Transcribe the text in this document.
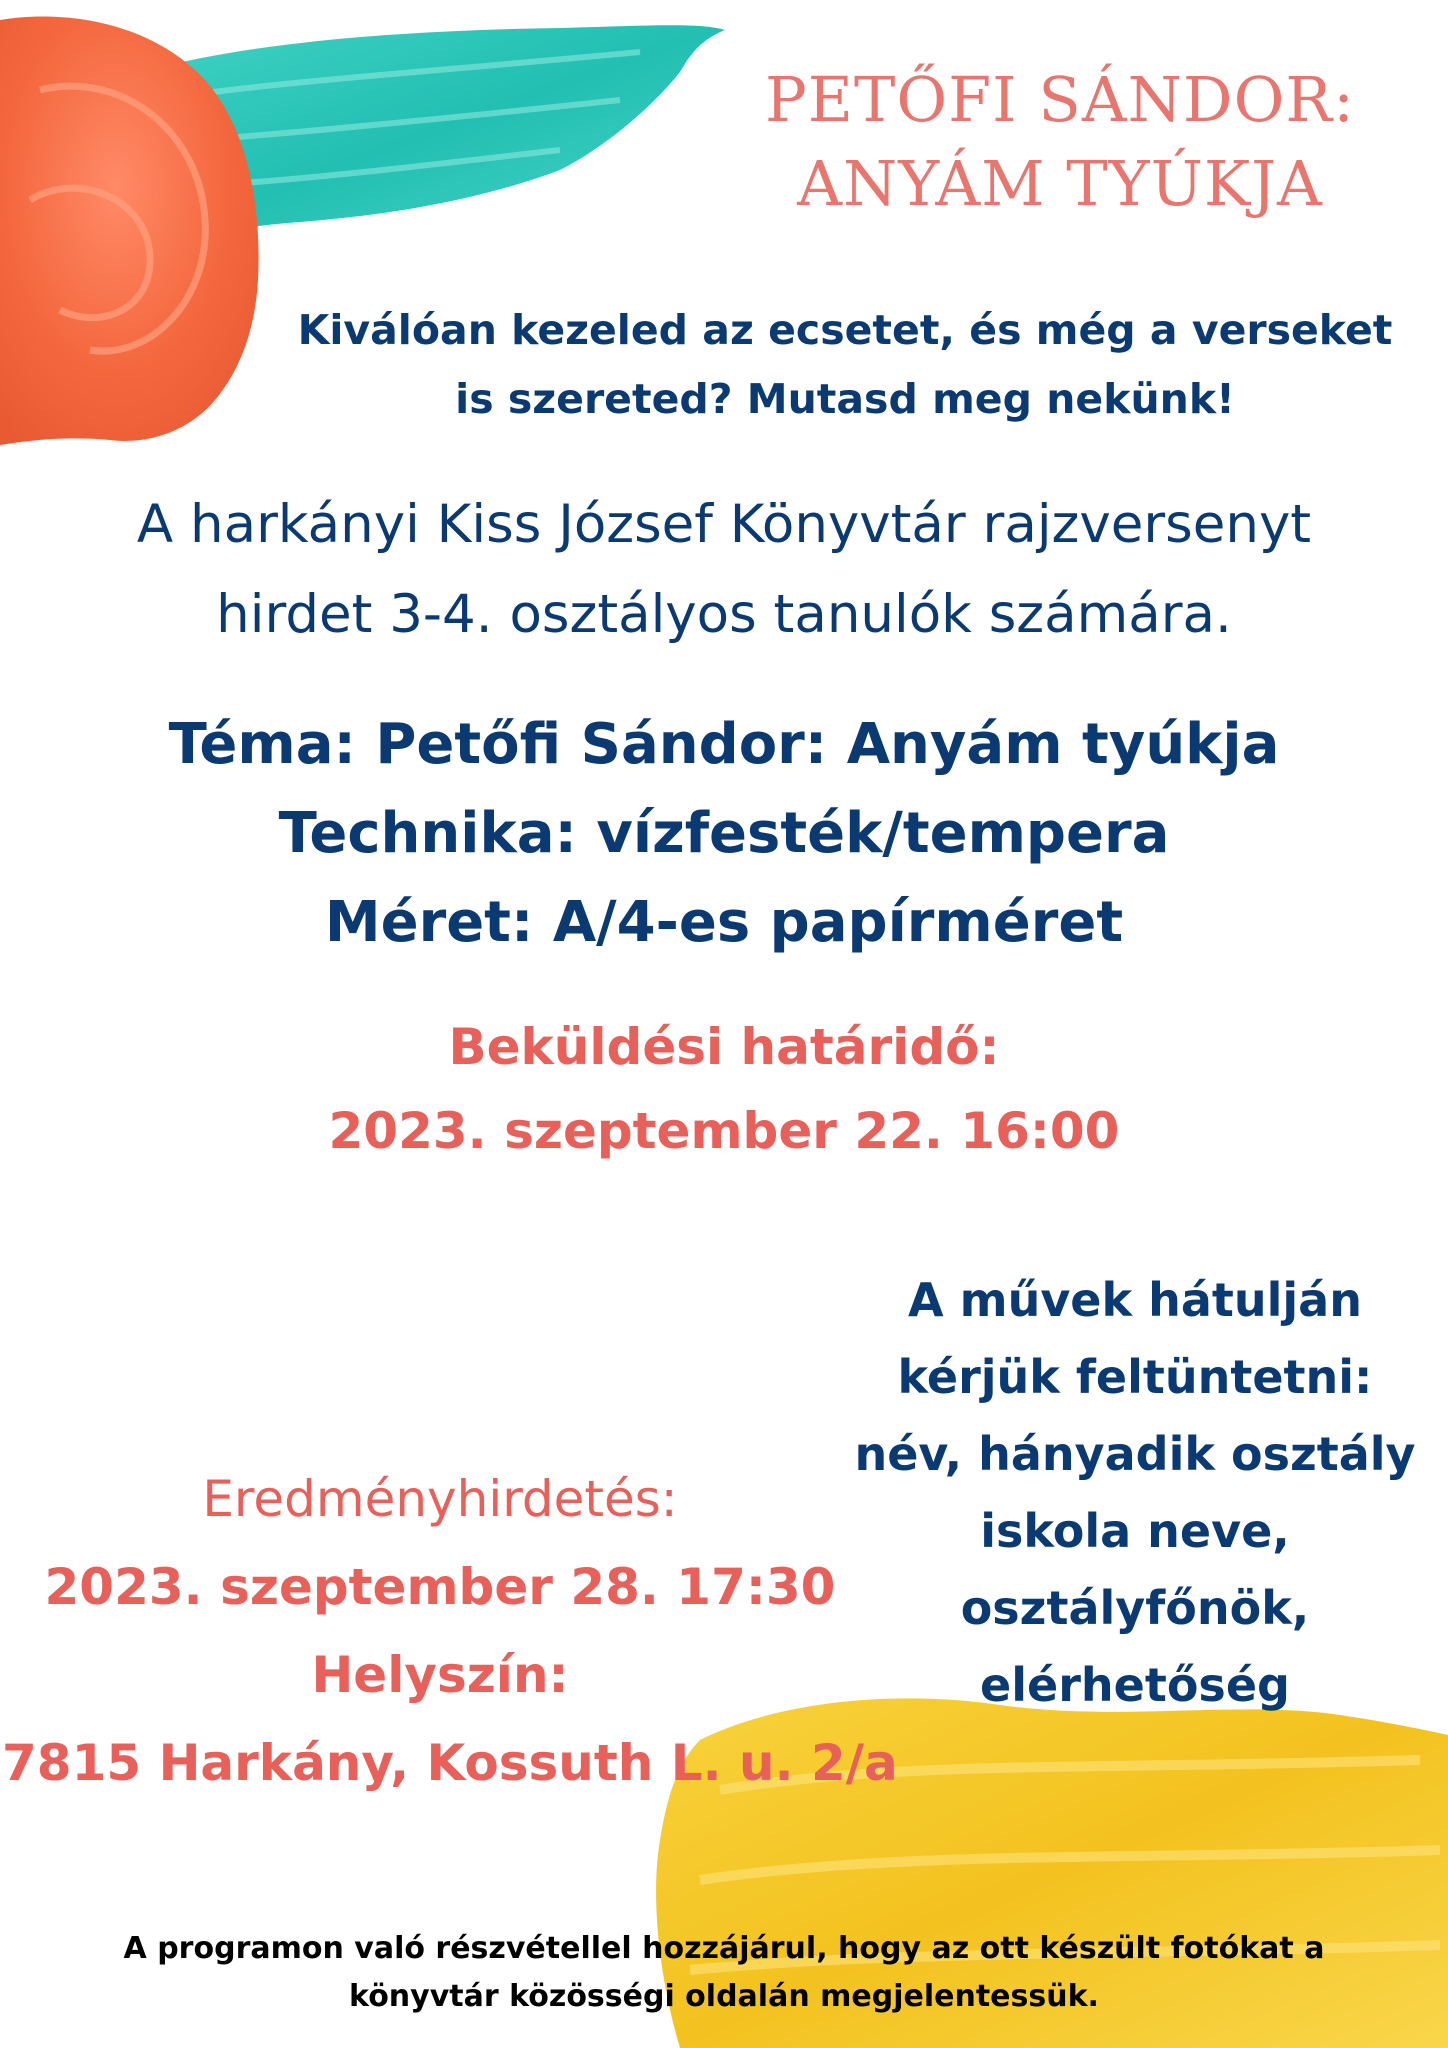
PETŐFI SÁNDOR:
ANYÁM TYÚKJA
Kiválóan kezeled az ecsetet, és még a verseket
is szereted? Mutasd meg nekünk!
A harkányi Kiss József Könyvtár rajzversenyt
hirdet 3-4. osztályos tanulók számára.
Téma: Petőfi Sándor: Anyám tyúkja
Technika: vízfesték/tempera
Méret: A/4-es papírméret
Beküldési határidő:
2023. szeptember 22. 16:00
A művek hátulján
kérjük feltüntetni:
név, hányadik osztály
iskola neve,
osztályfőnök,
elérhetőség
Eredményhirdetés:
2023. szeptember 28. 17:30
Helyszín:
7815 Harkány, Kossuth L. u. 2/a
A programon való részvétellel hozzájárul, hogy az ott készült fotókat a
könyvtár közösségi oldalán megjelentessük.
